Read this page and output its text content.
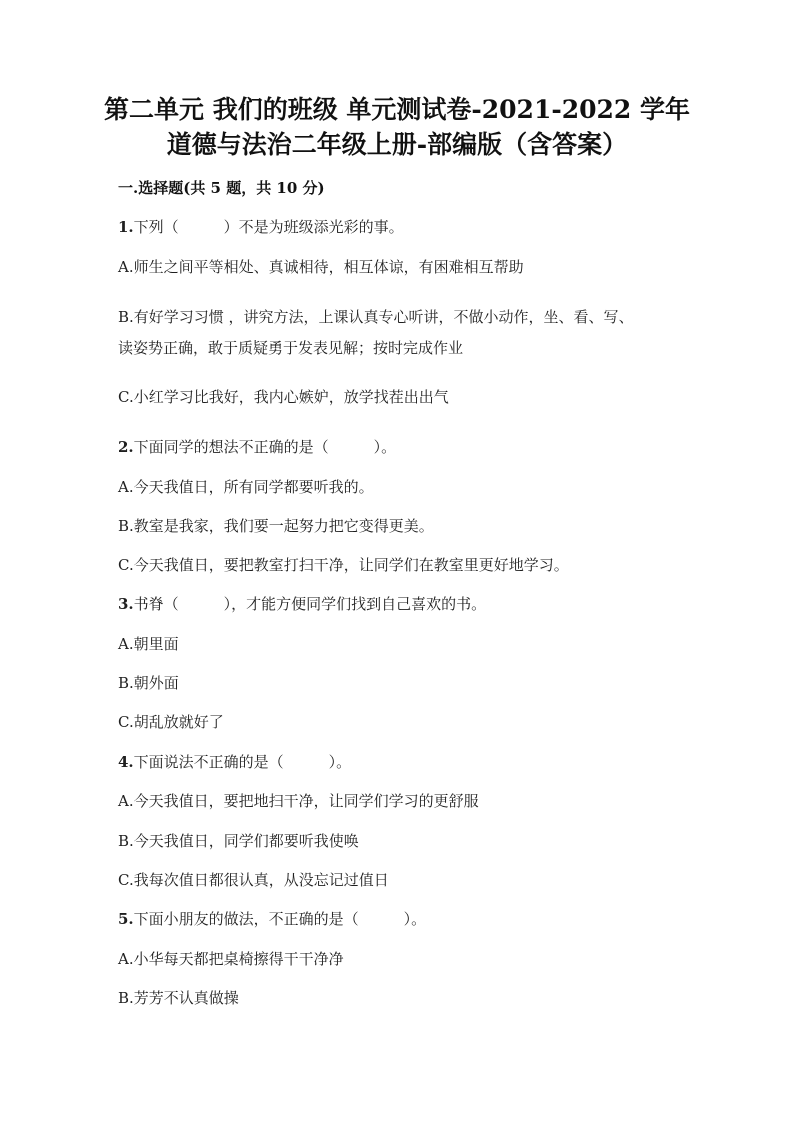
第二单元 我们的班级 单元测试卷-2021-2022 学年
道德与法治二年级上册-部编版（含答案）
一.选择题(共 5 题，共 10 分)
1.下列（　　　）不是为班级添光彩的事。
A.师生之间平等相处、真诚相待，相互体谅，有困难相互帮助
B.有好学习习惯 ，讲究方法，上课认真专心听讲，不做小动作，坐、看、写、
读姿势正确，敢于质疑勇于发表见解；按时完成作业
C.小红学习比我好，我内心嫉妒，放学找茬出出气
2.下面同学的想法不正确的是（　　　）。
A.今天我值日，所有同学都要听我的。
B.教室是我家，我们要一起努力把它变得更美。
C.今天我值日，要把教室打扫干净，让同学们在教室里更好地学习。
3.书脊（　　　），才能方便同学们找到自己喜欢的书。
A.朝里面
B.朝外面
C.胡乱放就好了
4.下面说法不正确的是（　　　）。
A.今天我值日，要把地扫干净，让同学们学习的更舒服
B.今天我值日，同学们都要听我使唤
C.我每次值日都很认真，从没忘记过值日
5.下面小朋友的做法，不正确的是（　　　）。
A.小华每天都把桌椅擦得干干净净
B.芳芳不认真做操
